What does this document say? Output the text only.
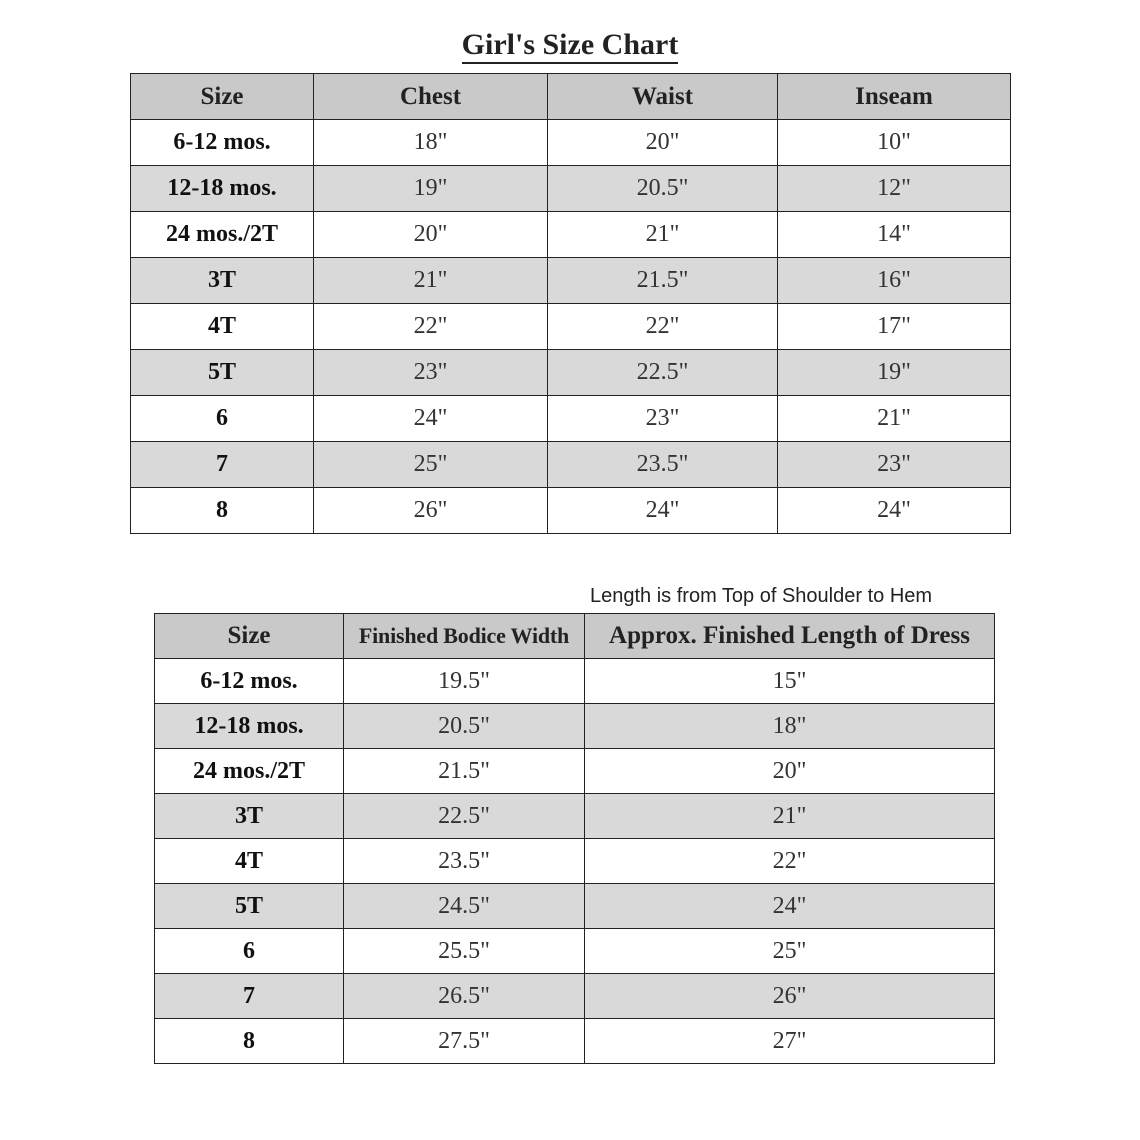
Girl's Size Chart
Size	Chest	Waist	Inseam
6-12 mos.	18"	20"	10"
12-18 mos.	19"	20.5"	12"
24 mos./2T	20"	21"	14"
3T	21"	21.5"	16"
4T	22"	22"	17"
5T	23"	22.5"	19"
6	24"	23"	21"
7	25"	23.5"	23"
8	26"	24"	24"
Length is from Top of Shoulder to Hem
Size	Finished Bodice Width	Approx. Finished Length of Dress
6-12 mos.	19.5"	15"
12-18 mos.	20.5"	18"
24 mos./2T	21.5"	20"
3T	22.5"	21"
4T	23.5"	22"
5T	24.5"	24"
6	25.5"	25"
7	26.5"	26"
8	27.5"	27"
